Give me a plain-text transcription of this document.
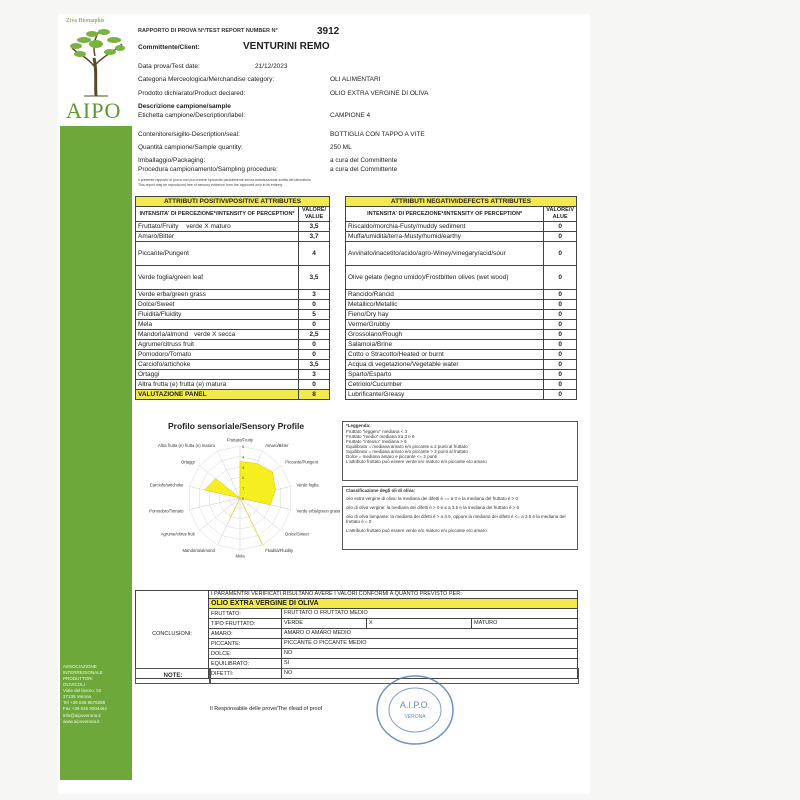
Ziva Biomaphis
AIPO
ASSOCIAZIONE
INTERREGIONALE
PRODUTTORI
OLIVICOLI
Viale del lavoro, 52
37135 Verona
Tel +39 045 8675288
Fax +39 045 8004464
info@aipoverona.it
www.aipoverona.it
RAPPORTO DI PROVA N°/TEST REPORT NUMBER N°	3912
Committente/Client:	VENTURINI REMO
Data prova/Test date:	21/12/2023
Categoria Merceologica/Merchandise category:	OLI ALIMENTARI
Prodotto dichiarato/Product declared:	OLIO EXTRA VERGINE DI OLIVA
Descrizione campione/sample
Etichetta campione/Description/label:	CAMPIONE 4
Contenitore/sigillo-Description/seal:	BOTTIGLIA CON TAPPO A VITE
Quantità campione/Sample quantity:	250 ML
Imballaggio/Packaging:	a cura del Committente
Procedura campionamento/Sampling procedure:	a cura del Committente
Il presente rapporto di prova non può essere riprodotto parzialmente senza autorizzazione scritta del laboratorio
This report may be reproduced free of sensory evidence from the approved only in its entirety
ATTRIBUTI POSITIVI/POSITIVE ATTRIBUTES	
INTENSITA' DI PERCEZIONE*/INTENSITY OF PERCEPTION*	VALORE/ VALUE
Fruttato/Fruity verde X maturo	3,5
Amaro/Bitter	3,7
Piccante/Pungent	4
Verde foglia/green leaf	3,5
Verde erba/green grass	3
Dolce/Sweet	0
Fluidità/Fluidity	5
Mela	0
Mandorla/almond verde X secca	2,5
Agrume/citruss fruit	0
Pomodoro/Tomato	0
Carciofo/artichoke	3,5
Ortaggi	3
Altra frutta (e) frutta (e) matura	0
VALUTAZIONE PANEL	8
ATTRIBUTI NEGATIVI/DEFECTS ATTRIBUTES	
INTENSITA' DI PERCEZIONE*/INTENSITY OF PERCEPTION*	VALORE/V ALUE
Riscaldo/morchia-Fusty/muddy sediment	0
Muffa/umidità/terra-Musty/humid/earthy	0
Avvinato/inacetito/acido/agro-Winey/vinegary/acid/sour	0
Olive gelate (legno umido)/Frostbitten olives (wet wood)	0
Rancido/Rancid	0
Metallico/Metallic	0
Fieno/Dry hay	0
Verme/Grubby	0
Grossolano/Rough	0
Salamoia/Brine	0
Cotto o Stracotto/Heated or burnt	0
Acqua di vegetazione/Vegetable water	0
Sparto/Esparto	0
Cetriolo/Cucumber	0
Lubrificante/Greasy	0
Profilo sensoriale/Sensory Profile
0
1
2
3
4
5
Fruttato/Fruity
Amaro/Bitter
Piccante/Pungent
Verde foglia
Verde erba/green grass
Dolce/Sweet
Fluidità/Fluidity
Mela
Mandorla/almond
Agrume/citrus fruit
Pomodoro/Tomato
Carciofo/artichoke
Ortaggi
Altra frutta (e) frutta (e) matura
*Leggenda:
Fruttato "leggero" mediana < 3
Fruttato "medio" mediana tra 3 e 6
Fruttato "intenso" mediana > 6
Equilibrato = mediana amaro e/o piccante ≤ 2 punti al fruttato
Squilibrato = mediana amaro e/o piccante > 2 punti al fruttato
Dolce = mediana amaro e piccante <= 2 punti
L'attributo fruttato può essere verde e/o maturo e/o piccante e/o amaro
Classificazione degli oli di oliva:
olio extra vergine di oliva: la mediana dei difetti è == a 0 e la mediana del fruttato è > 0
olio di oliva vergine: la mediana dei difetti è > 0 e ≤ a 3.5 e la mediana del fruttato è > 0
olio di oliva lampante: la mediana dei difetti è > a 3.5, oppure la mediana dei difetti è <= a 3.5 e la mediana del fruttato è = 0
L'attributo fruttato può essere verde e/o maturo e/o piccante e/o amaro
CONCLUSIONI:	I PARAMENTRI VERIFICATI RISULTANO AVERE I VALORI CONFORMI A QUANTO PREVISTO PER:			
	OLIO EXTRA VERGINE DI OLIVA			
	FRUTTATO:	FRUTTATO O FRUTTATO MEDIO		
	TIPO FRUTTATO:	VERDE	X	MATURO
	AMARO:	AMARO O AMARO MEDIO		
	PICCANTE:	PICCANTE O PICCANTE MEDIO		
	DOLCE:	NO		
	EQUILIBRATO:	SI		
	DIFETTI:	NO		
NOTE:
Il Responsabile delle prove/The rilead of proof	A.I.P.O.
VERONA
